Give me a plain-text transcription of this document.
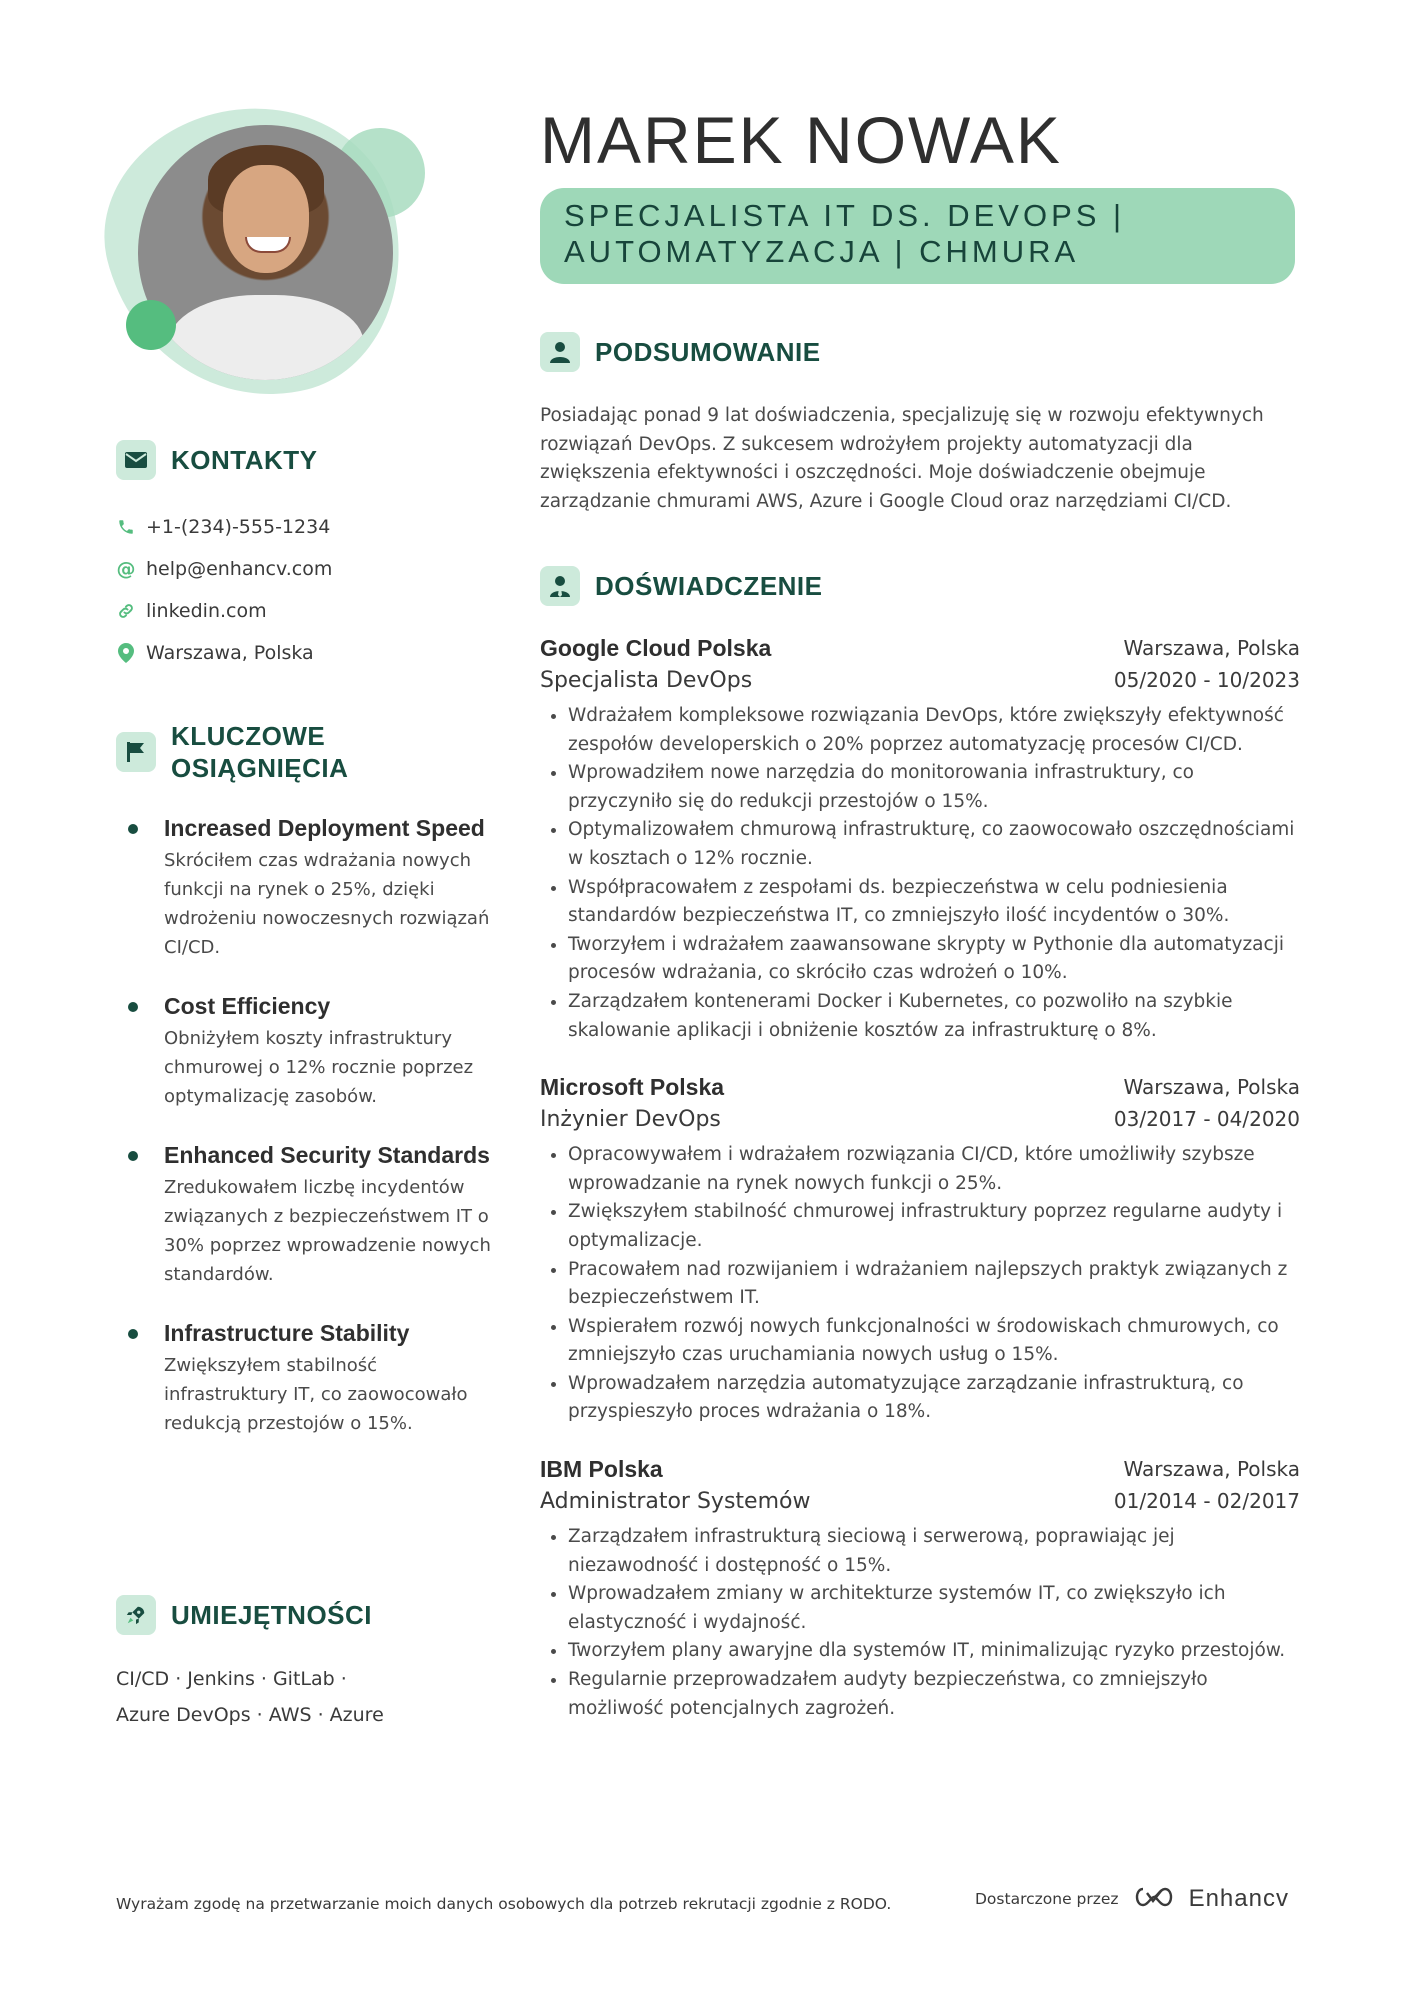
MAREK NOWAK
SPECJALISTA IT DS. DEVOPS |
AUTOMATYZACJA | CHMURA
KONTAKTY
+1-(234)-555-1234
@ help@enhancv.com
linkedin.com
Warszawa, Polska
KLUCZOWE
OSIĄGNIĘCIA
Increased Deployment Speed
Skróciłem czas wdrażania nowych funkcji na rynek o 25%, dzięki wdrożeniu nowoczesnych rozwiązań CI/CD.
Cost Efficiency
Obniżyłem koszty infrastruktury chmurowej o 12% rocznie poprzez optymalizację zasobów.
Enhanced Security Standards
Zredukowałem liczbę incydentów związanych z bezpieczeństwem IT o 30% poprzez wprowadzenie nowych standardów.
Infrastructure Stability
Zwiększyłem stabilność infrastruktury IT, co zaowocowało redukcją przestojów o 15%.
UMIEJĘTNOŚCI
CI/CD · Jenkins · GitLab ·
Azure DevOps · AWS · Azure
PODSUMOWANIE
Posiadając ponad 9 lat doświadczenia, specjalizuję się w rozwoju efektywnych rozwiązań DevOps. Z sukcesem wdrożyłem projekty automatyzacji dla zwiększenia efektywności i oszczędności. Moje doświadczenie obejmuje zarządzanie chmurami AWS, Azure i Google Cloud oraz narzędziami CI/CD.
DOŚWIADCZENIE
Google Cloud Polska	Warszawa, Polska
Specjalista DevOps	05/2020 - 10/2023
• Wdrażałem kompleksowe rozwiązania DevOps, które zwiększyły efektywność zespołów developerskich o 20% poprzez automatyzację procesów CI/CD.
• Wprowadziłem nowe narzędzia do monitorowania infrastruktury, co przyczyniło się do redukcji przestojów o 15%.
• Optymalizowałem chmurową infrastrukturę, co zaowocowało oszczędnościami w kosztach o 12% rocznie.
• Współpracowałem z zespołami ds. bezpieczeństwa w celu podniesienia standardów bezpieczeństwa IT, co zmniejszyło ilość incydentów o 30%.
• Tworzyłem i wdrażałem zaawansowane skrypty w Pythonie dla automatyzacji procesów wdrażania, co skróciło czas wdrożeń o 10%.
• Zarządzałem kontenerami Docker i Kubernetes, co pozwoliło na szybkie skalowanie aplikacji i obniżenie kosztów za infrastrukturę o 8%.
Microsoft Polska	Warszawa, Polska
Inżynier DevOps	03/2017 - 04/2020
• Opracowywałem i wdrażałem rozwiązania CI/CD, które umożliwiły szybsze wprowadzanie na rynek nowych funkcji o 25%.
• Zwiększyłem stabilność chmurowej infrastruktury poprzez regularne audyty i optymalizacje.
• Pracowałem nad rozwijaniem i wdrażaniem najlepszych praktyk związanych z bezpieczeństwem IT.
• Wspierałem rozwój nowych funkcjonalności w środowiskach chmurowych, co zmniejszyło czas uruchamiania nowych usług o 15%.
• Wprowadzałem narzędzia automatyzujące zarządzanie infrastrukturą, co przyspieszyło proces wdrażania o 18%.
IBM Polska	Warszawa, Polska
Administrator Systemów	01/2014 - 02/2017
• Zarządzałem infrastrukturą sieciową i serwerową, poprawiając jej niezawodność i dostępność o 15%.
• Wprowadzałem zmiany w architekturze systemów IT, co zwiększyło ich elastyczność i wydajność.
• Tworzyłem plany awaryjne dla systemów IT, minimalizując ryzyko przestojów.
• Regularnie przeprowadzałem audyty bezpieczeństwa, co zmniejszyło możliwość potencjalnych zagrożeń.
Wyrażam zgodę na przetwarzanie moich danych osobowych dla potrzeb rekrutacji zgodnie z RODO.	Dostarczone przez	Enhancv
